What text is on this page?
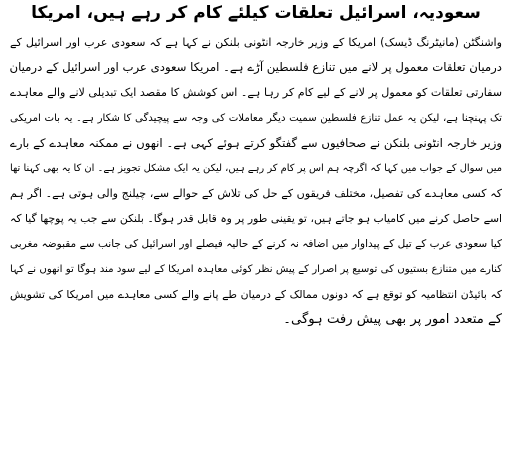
سعودیہ، اسرائیل تعلقات کیلئے کام کر رہے ہیں، امریکا
واشنگٹن (مانیٹرنگ ڈیسک) امریکا کے وزیر خارجہ انٹونی بلنکن نے کہا ہے کہ سعودی عرب اور اسرائیل کے
درمیان تعلقات معمول پر لانے میں تنازع فلسطین آڑے ہے۔ امریکا سعودی عرب اور اسرائیل کے درمیان
سفارتی تعلقات کو معمول پر لانے کے لیے کام کر رہا ہے۔ اس کوشش کا مقصد ایک تبدیلی لانے والے معاہدے
تک پہنچنا ہے، لیکن یہ عمل تنازع فلسطین سمیت دیگر معاملات کی وجہ سے پیچیدگی کا شکار ہے۔ یہ بات امریکی
وزیر خارجہ انٹونی بلنکن نے صحافیوں سے گفتگو کرتے ہوئے کہی ہے۔ انھوں نے ممکنہ معاہدے کے بارے
میں سوال کے جواب میں کہا کہ اگرچہ ہم اس پر کام کر رہے ہیں، لیکن یہ ایک مشکل تجویز ہے۔ ان کا یہ بھی کہنا تھا
کہ کسی معاہدے کی تفصیل، مختلف فریقوں کے حل کی تلاش کے حوالے سے، چیلنج والی ہوتی ہے۔ اگر ہم
اسے حاصل کرنے میں کامیاب ہو جاتے ہیں، تو یقینی طور پر وہ قابل قدر ہوگا۔ بلنکن سے جب یہ پوچھا گیا کہ
کیا سعودی عرب کے تیل کے پیداوار میں اضافہ نہ کرنے کے حالیہ فیصلے اور اسرائیل کی جانب سے مقبوضہ مغربی
کنارے میں متنازع بستیوں کی توسیع پر اصرار کے پیش نظر کوئی معاہدہ امریکا کے لیے سود مند ہوگا تو انھوں نے کہا
کہ بائیڈن انتظامیہ کو توقع ہے کہ دونوں ممالک کے درمیان طے پانے والے کسی معاہدے میں امریکا کی تشویش
کے متعدد امور پر بھی پیش رفت ہوگی۔
